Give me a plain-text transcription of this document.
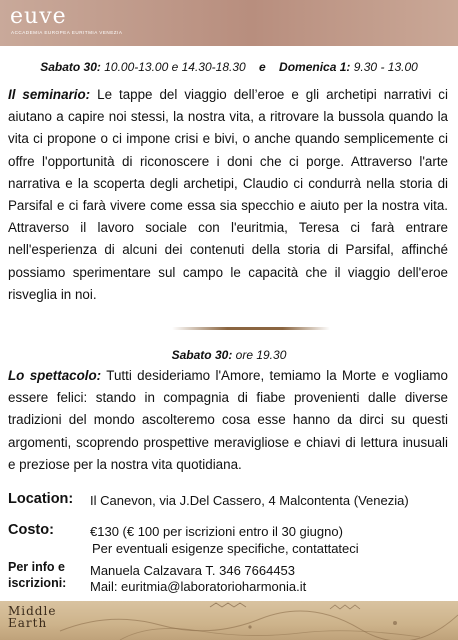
euve
ACCADEMIA EUROPEA EURITMIA VENEZIA
Sabato 30: 10.00-13.00 e 14.30-18.30 e Domenica 1: 9.30 - 13.00
Il seminario: Le tappe del viaggio dell’eroe e gli archetipi narrativi ci aiutano a capire noi stessi, la nostra vita, a ritrovare la bussola quando la vita ci propone o ci impone crisi e bivi, o anche quando semplicemente ci offre l'opportunità di riconoscere i doni che ci porge. Attraverso l'arte narrativa e la scoperta degli archetipi, Claudio ci condurrà nella storia di Parsifal e ci farà vivere come essa sia specchio e aiuto per la nostra vita. Attraverso il lavoro sociale con l'euritmia, Teresa ci farà entrare nell'esperienza di alcuni dei contenuti della storia di Parsifal, affinché possiamo sperimentare sul campo le capacità che il viaggio dell'eroe risveglia in noi.
Sabato 30: ore 19.30
Lo spettacolo: Tutti desideriamo l'Amore, temiamo la Morte e vogliamo essere felici: stando in compagnia di fiabe provenienti dalle diverse tradizioni del mondo ascolteremo cosa esse hanno da dirci su questi argomenti, scoprendo prospettive meravigliose e chiavi di lettura inusuali e preziose per la nostra vita quotidiana.
Location: Il Canevon, via J.Del Cassero, 4 Malcontenta (Venezia)
Costo:	€130 (€ 100 per iscrizioni entro il 30 giugno)
Per eventuali esigenze specifiche, contattateci
Per info e
iscrizioni:
Manuela Calzavara T. 346 7664453
Mail: euritmia@laboratorioharmonia.it
Middle
Earth
